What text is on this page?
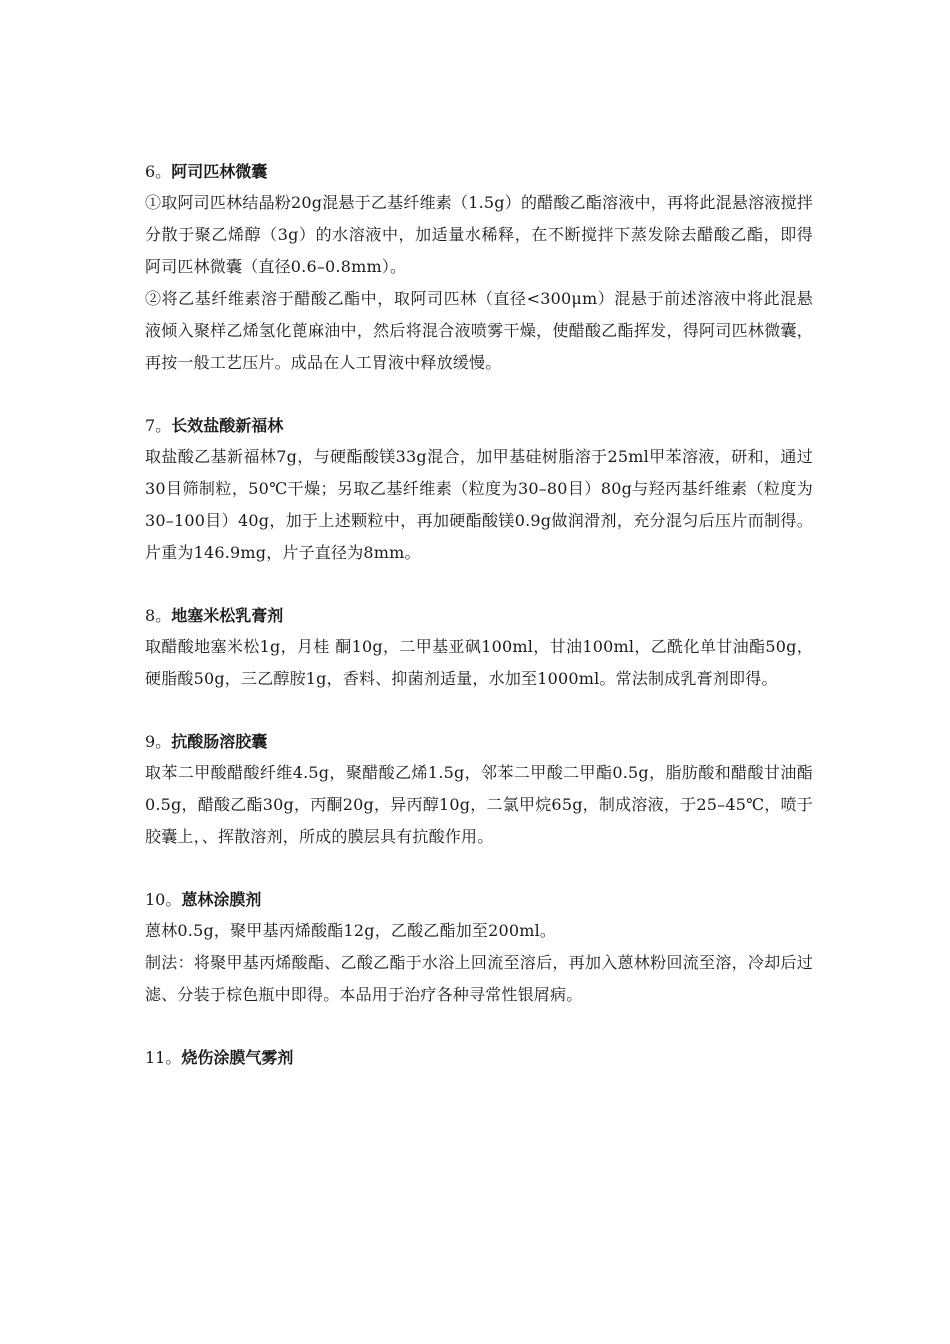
6。阿司匹林微囊

①取阿司匹林结晶粉20g混悬于乙基纤维素（1.5g）的醋酸乙酯溶液中，再将此混悬溶液搅拌分散于聚乙烯醇（3g）的水溶液中，加适量水稀释，在不断搅拌下蒸发除去醋酸乙酯，即得阿司匹林微囊（直径0.6–0.8mm）。

②将乙基纤维素溶于醋酸乙酯中，取阿司匹林（直径<300μm）混悬于前述溶液中将此混悬液倾入聚样乙烯氢化蓖麻油中，然后将混合液喷雾干燥，使醋酸乙酯挥发，得阿司匹林微囊，再按一般工艺压片。成品在人工胃液中释放缓慢。

7。长效盐酸新福林

取盐酸乙基新福林7g，与硬酯酸镁33g混合，加甲基硅树脂溶于25ml甲苯溶液，研和，通过30目筛制粒，50℃干燥；另取乙基纤维素（粒度为30–80目）80g与羟丙基纤维素（粒度为30–100目）40g，加于上述颗粒中，再加硬酯酸镁0.9g做润滑剂，充分混匀后压片而制得。片重为146.9mg，片子直径为8mm。

8。地塞米松乳膏剂

取醋酸地塞米松1g，月桂 酮10g，二甲基亚砜100ml，甘油100ml，乙酰化单甘油酯50g，硬脂酸50g，三乙醇胺1g，香料、抑菌剂适量，水加至1000ml。常法制成乳膏剂即得。

9。抗酸肠溶胶囊

取苯二甲酸醋酸纤维4.5g，聚醋酸乙烯1.5g，邻苯二甲酸二甲酯0.5g，脂肪酸和醋酸甘油酯0.5g，醋酸乙酯30g，丙酮20g，异丙醇10g，二氯甲烷65g，制成溶液，于25–45℃，喷于胶囊上，、挥散溶剂，所成的膜层具有抗酸作用。

10。蒽林涂膜剂

蒽林0.5g，聚甲基丙烯酸酯12g，乙酸乙酯加至200ml。

制法：将聚甲基丙烯酸酯、乙酸乙酯于水浴上回流至溶后，再加入蒽林粉回流至溶，冷却后过滤、分装于棕色瓶中即得。本品用于治疗各种寻常性银屑病。

11。烧伤涂膜气雾剂
